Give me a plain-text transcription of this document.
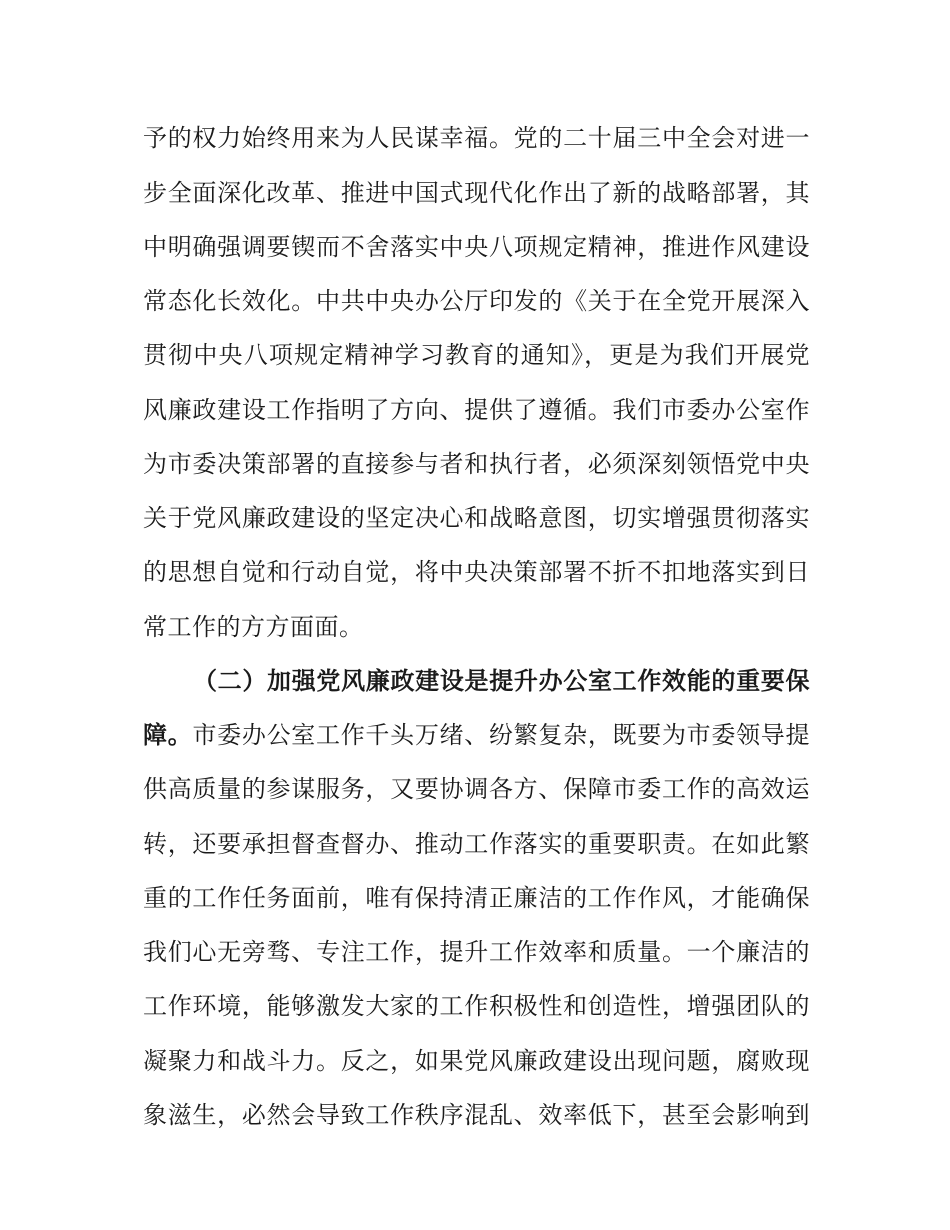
予的权力始终用来为人民谋幸福。党的二十届三中全会对进一
步全面深化改革、推进中国式现代化作出了新的战略部署，其
中明确强调要锲而不舍落实中央八项规定精神，推进作风建设
常态化长效化。中共中央办公厅印发的《关于在全党开展深入
贯彻中央八项规定精神学习教育的通知》，更是为我们开展党
风廉政建设工作指明了方向、提供了遵循。我们市委办公室作
为市委决策部署的直接参与者和执行者，必须深刻领悟党中央
关于党风廉政建设的坚定决心和战略意图，切实增强贯彻落实
的思想自觉和行动自觉，将中央决策部署不折不扣地落实到日
常工作的方方面面。
（二）加强党风廉政建设是提升办公室工作效能的重要保
障。市委办公室工作千头万绪、纷繁复杂，既要为市委领导提
供高质量的参谋服务，又要协调各方、保障市委工作的高效运
转，还要承担督查督办、推动工作落实的重要职责。在如此繁
重的工作任务面前，唯有保持清正廉洁的工作作风，才能确保
我们心无旁骛、专注工作，提升工作效率和质量。一个廉洁的
工作环境，能够激发大家的工作积极性和创造性，增强团队的
凝聚力和战斗力。反之，如果党风廉政建设出现问题，腐败现
象滋生，必然会导致工作秩序混乱、效率低下，甚至会影响到
